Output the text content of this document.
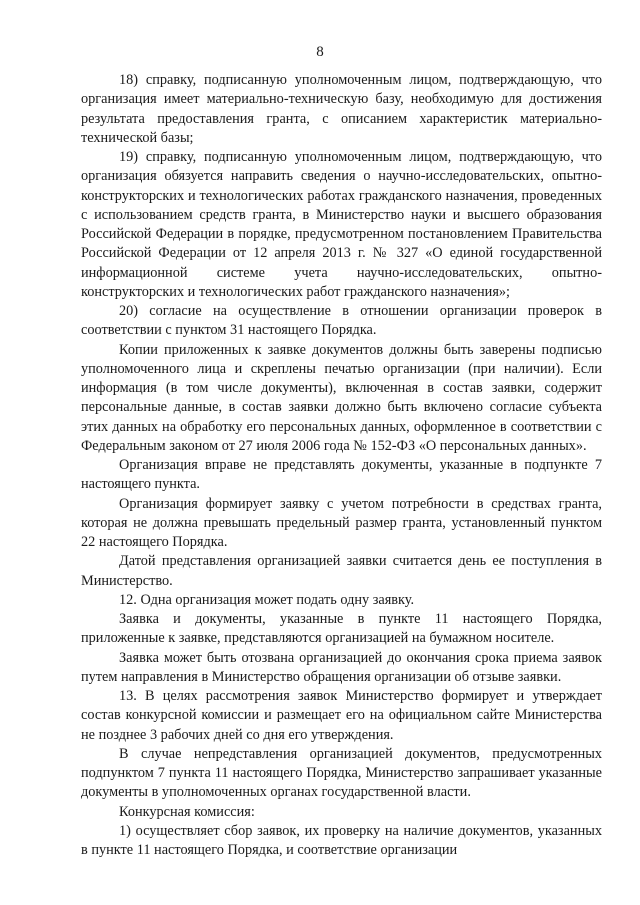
8

18) справку, подписанную уполномоченным лицом, подтверждающую, что организация имеет материально-техническую базу, необходимую для достижения результата предоставления гранта, с описанием характеристик материально-технической базы;

19) справку, подписанную уполномоченным лицом, подтверждающую, что организация обязуется направить сведения о научно-исследовательских, опытно-конструкторских и технологических работах гражданского назначения, проведенных с использованием средств гранта, в Министерство науки и высшего образования Российской Федерации в порядке, предусмотренном постановлением Правительства Российской Федерации от 12 апреля 2013 г. № 327 «О единой государственной информационной системе учета научно-исследовательских, опытно-конструкторских и технологических работ гражданского назначения»;

20) согласие на осуществление в отношении организации проверок в соответствии с пунктом 31 настоящего Порядка.

Копии приложенных к заявке документов должны быть заверены подписью уполномоченного лица и скреплены печатью организации (при наличии). Если информация (в том числе документы), включенная в состав заявки, содержит персональные данные, в состав заявки должно быть включено согласие субъекта этих данных на обработку его персональных данных, оформленное в соответствии с Федеральным законом от 27 июля 2006 года № 152-ФЗ «О персональных данных».

Организация вправе не представлять документы, указанные в подпункте 7 настоящего пункта.

Организация формирует заявку с учетом потребности в средствах гранта, которая не должна превышать предельный размер гранта, установленный пунктом 22 настоящего Порядка.

Датой представления организацией заявки считается день ее поступления в Министерство.

12. Одна организация может подать одну заявку.

Заявка и документы, указанные в пункте 11 настоящего Порядка, приложенные к заявке, представляются организацией на бумажном носителе.

Заявка может быть отозвана организацией до окончания срока приема заявок путем направления в Министерство обращения организации об отзыве заявки.

13. В целях рассмотрения заявок Министерство формирует и утверждает состав конкурсной комиссии и размещает его на официальном сайте Министерства не позднее 3 рабочих дней со дня его утверждения.

В случае непредставления организацией документов, предусмотренных подпунктом 7 пункта 11 настоящего Порядка, Министерство запрашивает указанные документы в уполномоченных органах государственной власти.

Конкурсная комиссия:

1) осуществляет сбор заявок, их проверку на наличие документов, указанных в пункте 11 настоящего Порядка, и соответствие организации
